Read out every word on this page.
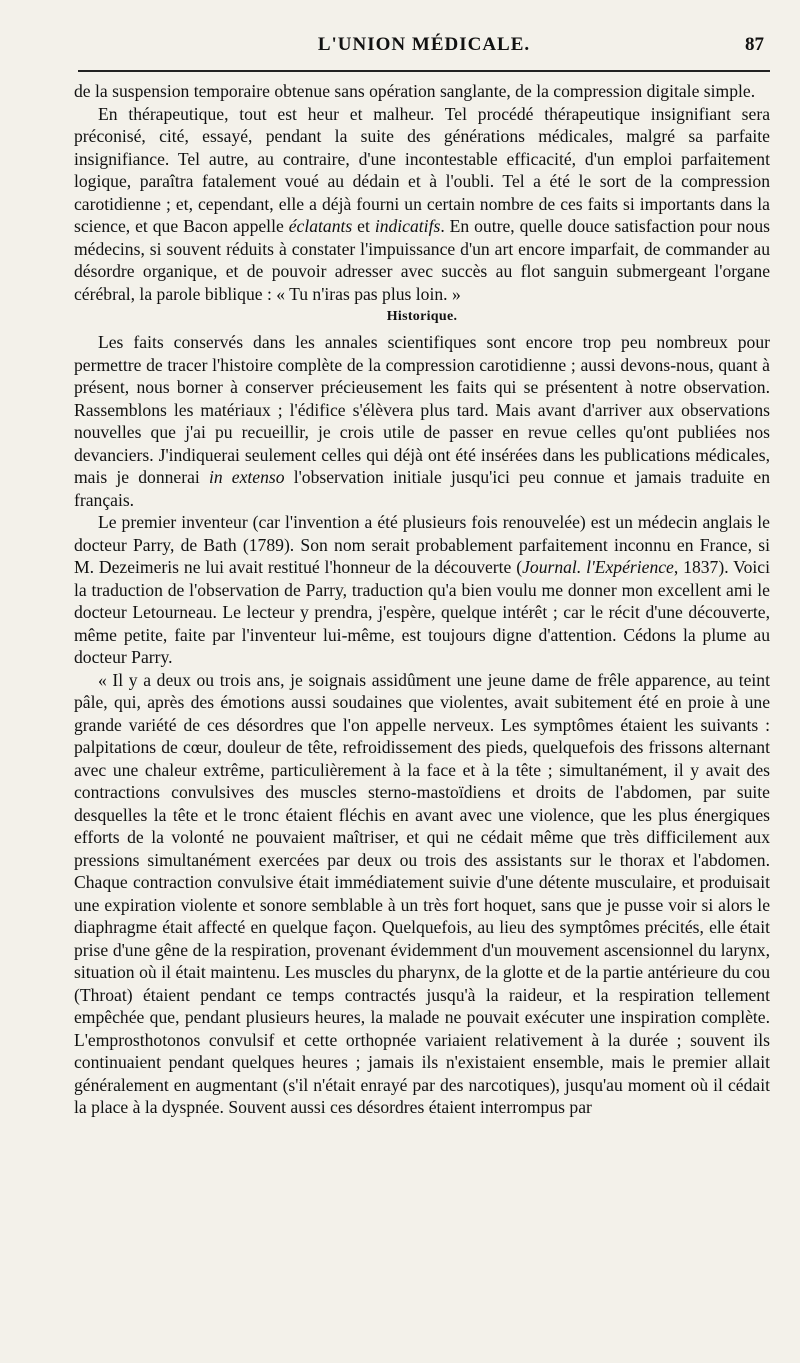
L'UNION MÉDICALE.	87

de la suspension temporaire obtenue sans opération sanglante, de la compression digitale simple.

En thérapeutique, tout est heur et malheur. Tel procédé thérapeutique insignifiant sera préconisé, cité, essayé, pendant la suite des générations médicales, malgré sa parfaite insignifiance. Tel autre, au contraire, d'une incontestable efficacité, d'un emploi parfaitement logique, paraîtra fatalement voué au dédain et à l'oubli. Tel a été le sort de la compression carotidienne ; et, cependant, elle a déjà fourni un certain nombre de ces faits si importants dans la science, et que Bacon appelle éclatants et indicatifs. En outre, quelle douce satisfaction pour nous médecins, si souvent réduits à constater l'impuissance d'un art encore imparfait, de commander au désordre organique, et de pouvoir adresser avec succès au flot sanguin submergeant l'organe cérébral, la parole biblique : « Tu n'iras pas plus loin. »

Historique.

Les faits conservés dans les annales scientifiques sont encore trop peu nombreux pour permettre de tracer l'histoire complète de la compression carotidienne ; aussi devons-nous, quant à présent, nous borner à conserver précieusement les faits qui se présentent à notre observation. Rassemblons les matériaux ; l'édifice s'élèvera plus tard. Mais avant d'arriver aux observations nouvelles que j'ai pu recueillir, je crois utile de passer en revue celles qu'ont publiées nos devanciers. J'indiquerai seulement celles qui déjà ont été insérées dans les publications médicales, mais je donnerai in extenso l'observation initiale jusqu'ici peu connue et jamais traduite en français.

Le premier inventeur (car l'invention a été plusieurs fois renouvelée) est un médecin anglais le docteur Parry, de Bath (1789). Son nom serait probablement parfaitement inconnu en France, si M. Dezeimeris ne lui avait restitué l'honneur de la découverte (Journal. l'Expérience, 1837). Voici la traduction de l'observation de Parry, traduction qu'a bien voulu me donner mon excellent ami le docteur Letourneau. Le lecteur y prendra, j'espère, quelque intérêt ; car le récit d'une découverte, même petite, faite par l'inventeur lui-même, est toujours digne d'attention. Cédons la plume au docteur Parry.

« Il y a deux ou trois ans, je soignais assidûment une jeune dame de frêle apparence, au teint pâle, qui, après des émotions aussi soudaines que violentes, avait subitement été en proie à une grande variété de ces désordres que l'on appelle nerveux. Les symptômes étaient les suivants : palpitations de cœur, douleur de tête, refroidissement des pieds, quelquefois des frissons alternant avec une chaleur extrême, particulièrement à la face et à la tête ; simultanément, il y avait des contractions convulsives des muscles sterno-mastoïdiens et droits de l'abdomen, par suite desquelles la tête et le tronc étaient fléchis en avant avec une violence, que les plus énergiques efforts de la volonté ne pouvaient maîtriser, et qui ne cédait même que très difficilement aux pressions simultanément exercées par deux ou trois des assistants sur le thorax et l'abdomen. Chaque contraction convulsive était immédiatement suivie d'une détente musculaire, et produisait une expiration violente et sonore semblable à un très fort hoquet, sans que je pusse voir si alors le diaphragme était affecté en quelque façon. Quelquefois, au lieu des symptômes précités, elle était prise d'une gêne de la respiration, provenant évidemment d'un mouvement ascensionnel du larynx, situation où il était maintenu. Les muscles du pharynx, de la glotte et de la partie antérieure du cou (Throat) étaient pendant ce temps contractés jusqu'à la raideur, et la respiration tellement empêchée que, pendant plusieurs heures, la malade ne pouvait exécuter une inspiration complète. L'emprosthotonos convulsif et cette orthopnée variaient relativement à la durée ; souvent ils continuaient pendant quelques heures ; jamais ils n'existaient ensemble, mais le premier allait généralement en augmentant (s'il n'était enrayé par des narcotiques), jusqu'au moment où il cédait la place à la dyspnée. Souvent aussi ces désordres étaient interrompus par
